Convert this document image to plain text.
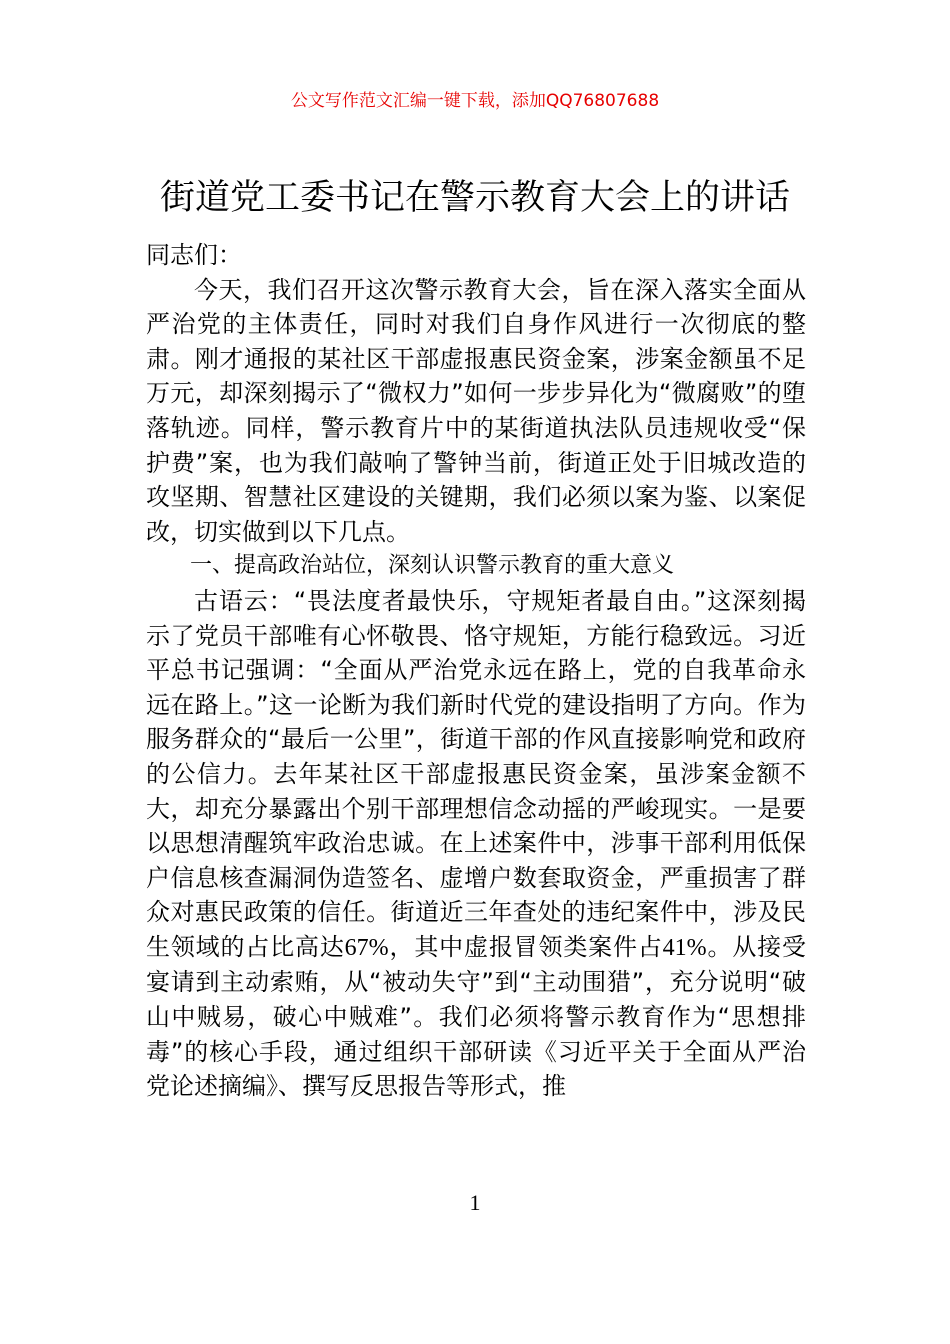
公文写作范文汇编一键下载，添加QQ76807688
街道党工委书记在警示教育大会上的讲话

同志们：

今天，我们召开这次警示教育大会，旨在深入落实全面从严治党的主体责任，同时对我们自身作风进行一次彻底的整肃。刚才通报的某社区干部虚报惠民资金案，涉案金额虽不足万元，却深刻揭示了“微权力”如何一步步异化为“微腐败”的堕落轨迹。同样，警示教育片中的某街道执法队员违规收受“保护费”案，也为我们敲响了警钟当前，街道正处于旧城改造的攻坚期、智慧社区建设的关键期，我们必须以案为鉴、以案促改，切实做到以下几点。

一、提高政治站位，深刻认识警示教育的重大意义

古语云：“畏法度者最快乐，守规矩者最自由。”这深刻揭示了党员干部唯有心怀敬畏、恪守规矩，方能行稳致远。习近平总书记强调：“全面从严治党永远在路上，党的自我革命永远在路上。”这一论断为我们新时代党的建设指明了方向。作为服务群众的“最后一公里”，街道干部的作风直接影响党和政府的公信力。去年某社区干部虚报惠民资金案，虽涉案金额不大，却充分暴露出个别干部理想信念动摇的严峻现实。一是要以思想清醒筑牢政治忠诚。在上述案件中，涉事干部利用低保户信息核查漏洞伪造签名、虚增户数套取资金，严重损害了群众对惠民政策的信任。街道近三年查处的违纪案件中，涉及民生领域的占比高达67%，其中虚报冒领类案件占41%。从接受宴请到主动索贿，从“被动失守”到“主动围猎”，充分说明“破山中贼易，破心中贼难”。我们必须将警示教育作为“思想排毒”的核心手段，通过组织干部研读《习近平关于全面从严治党论述摘编》、撰写反思报告等形式，推

1
